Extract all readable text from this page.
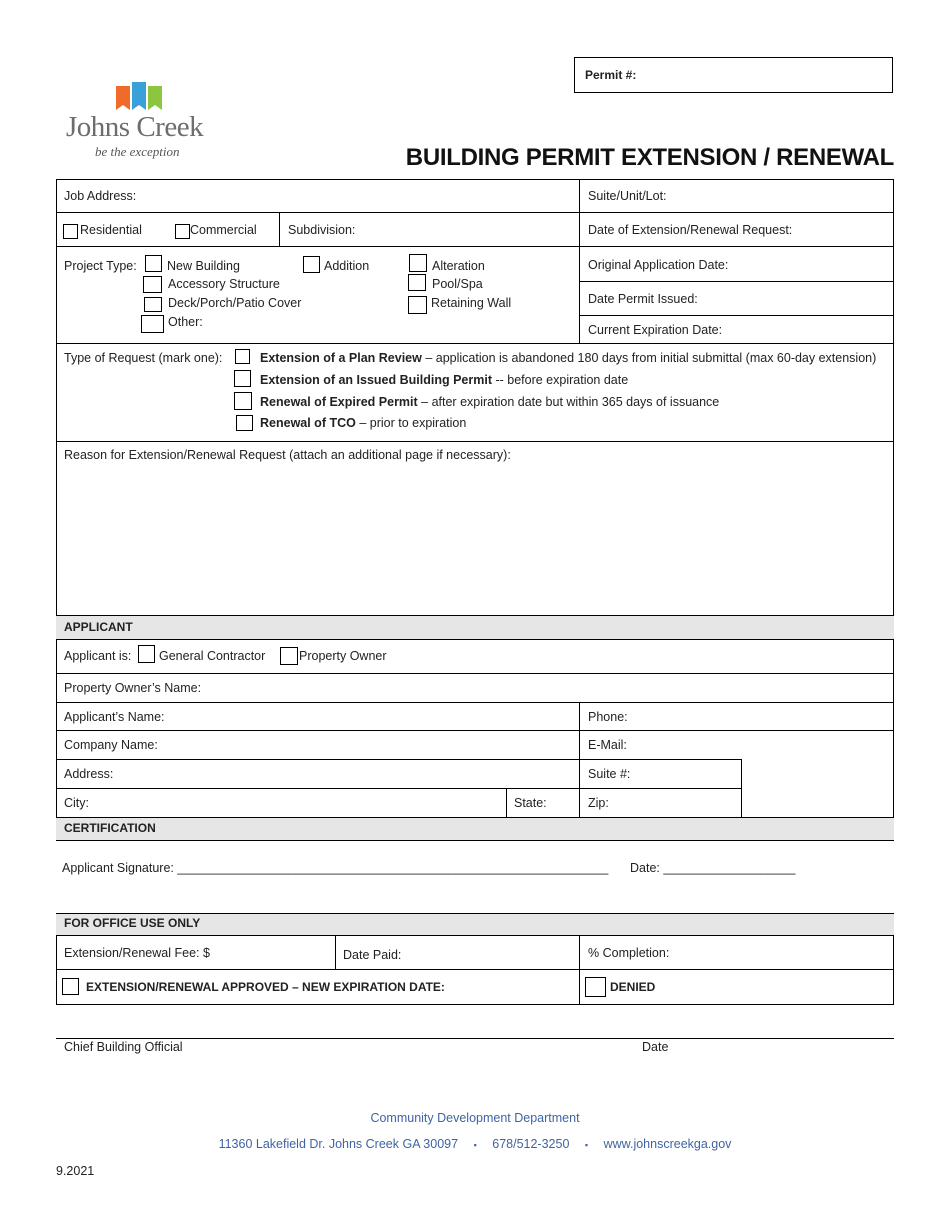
Johns Creek
be the exception
Permit #:
BUILDING PERMIT EXTENSION / RENEWAL
Job Address:	Suite/Unit/Lot:
Residential	Commercial	Subdivision:	Date of Extension/Renewal Request:
Project Type: New Building	Addition	Alteration
Accessory Structure	Pool/Spa
Deck/Porch/Patio Cover	Retaining Wall
Other:
Original Application Date:
Date Permit Issued:
Current Expiration Date:
Type of Request (mark one):	Extension of a Plan Review – application is abandoned 180 days from initial submittal (max 60-day extension)
Extension of an Issued Building Permit -- before expiration date
Renewal of Expired Permit – after expiration date but within 365 days of issuance
Renewal of TCO – prior to expiration
Reason for Extension/Renewal Request (attach an additional page if necessary):
APPLICANT
Applicant is: General Contractor	Property Owner
Property Owner’s Name:
Applicant’s Name:	Phone:
Company Name:	E-Mail:
Address:	Suite #:
City:	State:	Zip:
CERTIFICATION
Applicant Signature: ______________________________________________________________ Date: ___________________
FOR OFFICE USE ONLY
Extension/Renewal Fee: $	Date Paid:	% Completion:
EXTENSION/RENEWAL APPROVED – NEW EXPIRATION DATE:	DENIED
Chief Building Official	Date
Community Development Department
11360 Lakefield Dr. Johns Creek GA 30097 ▪ 678/512-3250 ▪ www.johnscreekga.gov
9.2021
